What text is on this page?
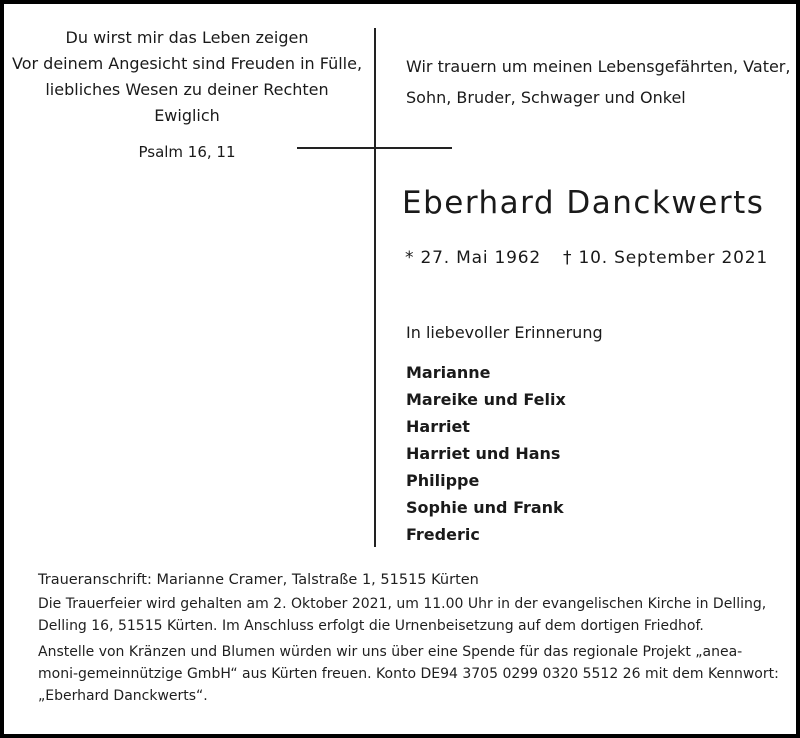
Du wirst mir das Leben zeigen
Vor deinem Angesicht sind Freuden in Fülle,
liebliches Wesen zu deiner Rechten
Ewiglich
Psalm 16, 11
Wir trauern um meinen Lebensgefährten, Vater,
Sohn, Bruder, Schwager und Onkel
Eberhard Danckwerts
* 27. Mai 1962 † 10. September 2021
In liebevoller Erinnerung
Marianne
Mareike und Felix
Harriet
Harriet und Hans
Philippe
Sophie und Frank
Frederic
Traueranschrift: Marianne Cramer, Talstraße 1, 51515 Kürten
Die Trauerfeier wird gehalten am 2. Oktober 2021, um 11.00 Uhr in der evangelischen Kirche in Delling,
Delling 16, 51515 Kürten. Im Anschluss erfolgt die Urnenbeisetzung auf dem dortigen Friedhof.
Anstelle von Kränzen und Blumen würden wir uns über eine Spende für das regionale Projekt „anea-
moni-gemeinnützige GmbH“ aus Kürten freuen. Konto DE94 3705 0299 0320 5512 26 mit dem Kennwort:
„Eberhard Danckwerts“.
